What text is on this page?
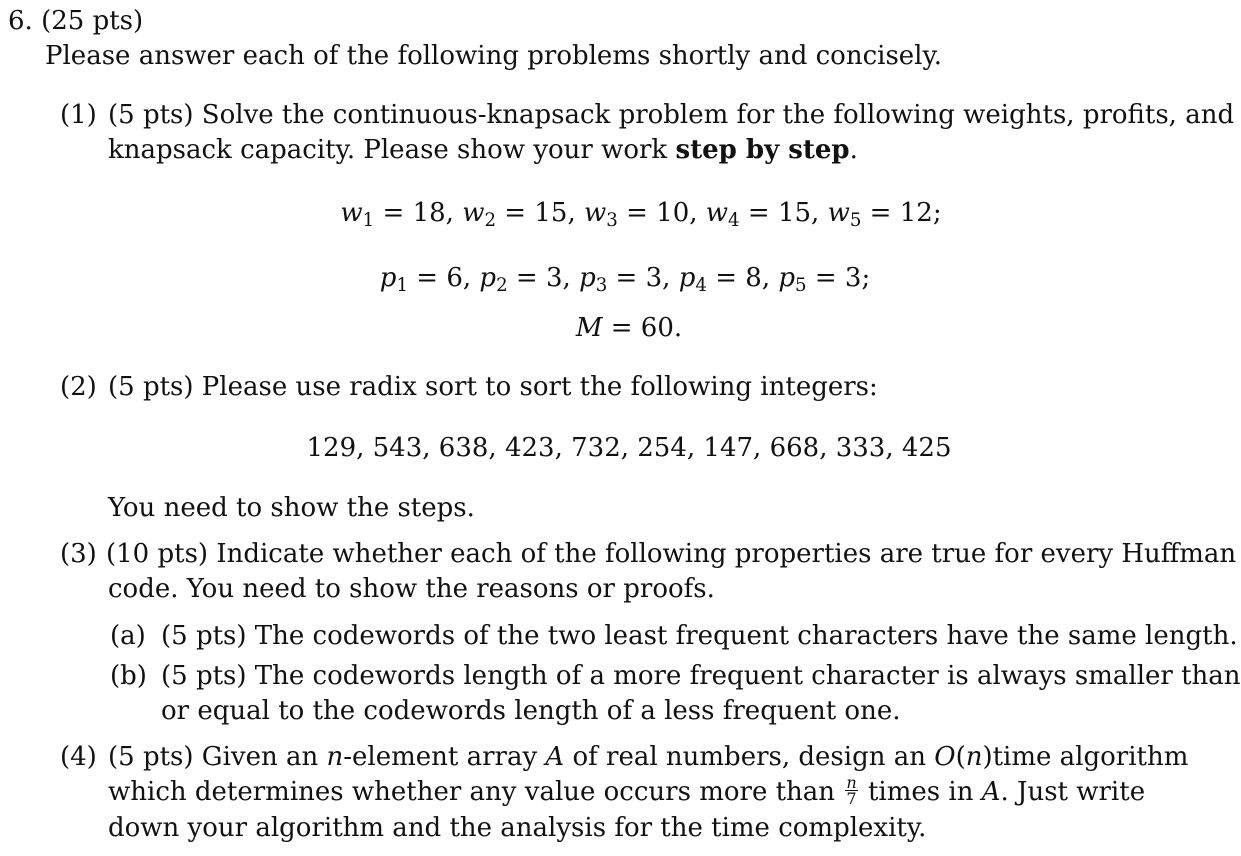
6. (25 pts)
Please answer each of the following problems shortly and concisely.
(1) (5 pts) Solve the continuous-knapsack problem for the following weights, profits, and
knapsack capacity. Please show your work step by step.
w1 = 18, w2 = 15, w3 = 10, w4 = 15, w5 = 12;
p1 = 6, p2 = 3, p3 = 3, p4 = 8, p5 = 3;
M = 60.
(2) (5 pts) Please use radix sort to sort the following integers:
129, 543, 638, 423, 732, 254, 147, 668, 333, 425
You need to show the steps.
(3) (10 pts) Indicate whether each of the following properties are true for every Huffman
code. You need to show the reasons or proofs.
(a) (5 pts) The codewords of the two least frequent characters have the same length.
(b) (5 pts) The codewords length of a more frequent character is always smaller than
or equal to the codewords length of a less frequent one.
(4) (5 pts) Given an n-element array A of real numbers, design an O(n)time algorithm
which determines whether any value occurs more than $\frac{n}{7}$ times in A. Just write
down your algorithm and the analysis for the time complexity.
